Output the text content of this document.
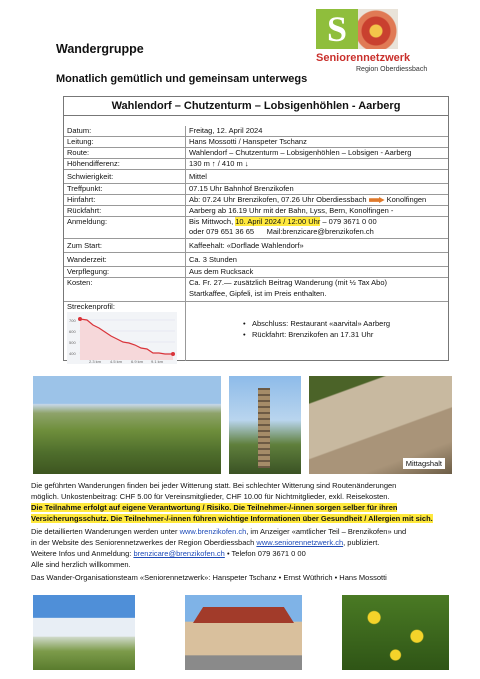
Wandergruppe
Monatlich gemütlich und gemeinsam unterwegs
S
Seniorennetzwerk
Region Oberdiessbach
Wahlendorf – Chutzenturm – Lobsigenhöhlen - Aarberg
Datum:	Freitag, 12. April 2024
Leitung:	Hans Mossotti / Hanspeter Tschanz
Route:	Wahlendorf – Chutzenturm – Lobsigenhöhlen – Lobsigen - Aarberg
Höhendifferenz:	130 m ↑ / 410 m ↓
Schwierigkeit:	Mittel
Treffpunkt:	07.15 Uhr Bahnhof Brenzikofen
Hinfahrt:	Ab: 07.24 Uhr Brenzikofen, 07.26 Uhr Oberdiessbach	Konolfingen
Rückfahrt:	Aarberg ab 16.19 Uhr mit der Bahn, Lyss, Bern, Konolfingen -
Anmeldung:	Bis Mittwoch, 10. April 2024 / 12:00 Uhr – 079 3671 0 00
oder 079 651 36 65 Mail:brenzicare@brenzikofen.ch
Zum Start:	Kaffeehalt: «Dorflade Wahlendorf»
Wanderzeit:	Ca. 3 Stunden
Verpflegung:	Aus dem Rucksack
Kosten:	Ca. Fr. 27.— zusätzlich Beitrag Wanderung (mit ½ Tax Abo)
Startkaffee, Gipfeli, ist im Preis enthalten.
• Abschluss: Restaurant «aarvital» Aarberg
• Rückfahrt: Brenzikofen an 17.31 Uhr
Streckenprofil:
700
600
500
400
2.3 km 4.5 km 6.9 km 9.1 km
Mittagshalt
Die geführten Wanderungen finden bei jeder Witterung statt. Bei schlechter Witterung sind Routenänderungen
möglich. Unkostenbeitrag: CHF 5.00 für Vereinsmitglieder, CHF 10.00 für Nichtmitglieder, exkl. Reisekosten.
Die Teilnahme erfolgt auf eigene Verantwortung / Risiko. Die Teilnehmer-/-innen sorgen selber für ihren
Versicherungsschutz. Die Teilnehmer-/-innen führen wichtige Informationen über Gesundheit / Allergien mit sich.
Die detaillierten Wanderungen werden unter www.brenzikofen.ch, im Anzeiger «amtlicher Teil – Brenzikofen» und
in der Website des Seniorennetzwerkes der Region Oberdiessbach www.seniorennetzwerk.ch, publiziert.
Weitere Infos und Anmeldung: brenzicare@brenzikofen.ch • Telefon 079 3671 0 00
Alle sind herzlich willkommen.
Das Wander-Organisationsteam «Seniorennetzwerk»: Hanspeter Tschanz • Ernst Wüthrich • Hans Mossotti
